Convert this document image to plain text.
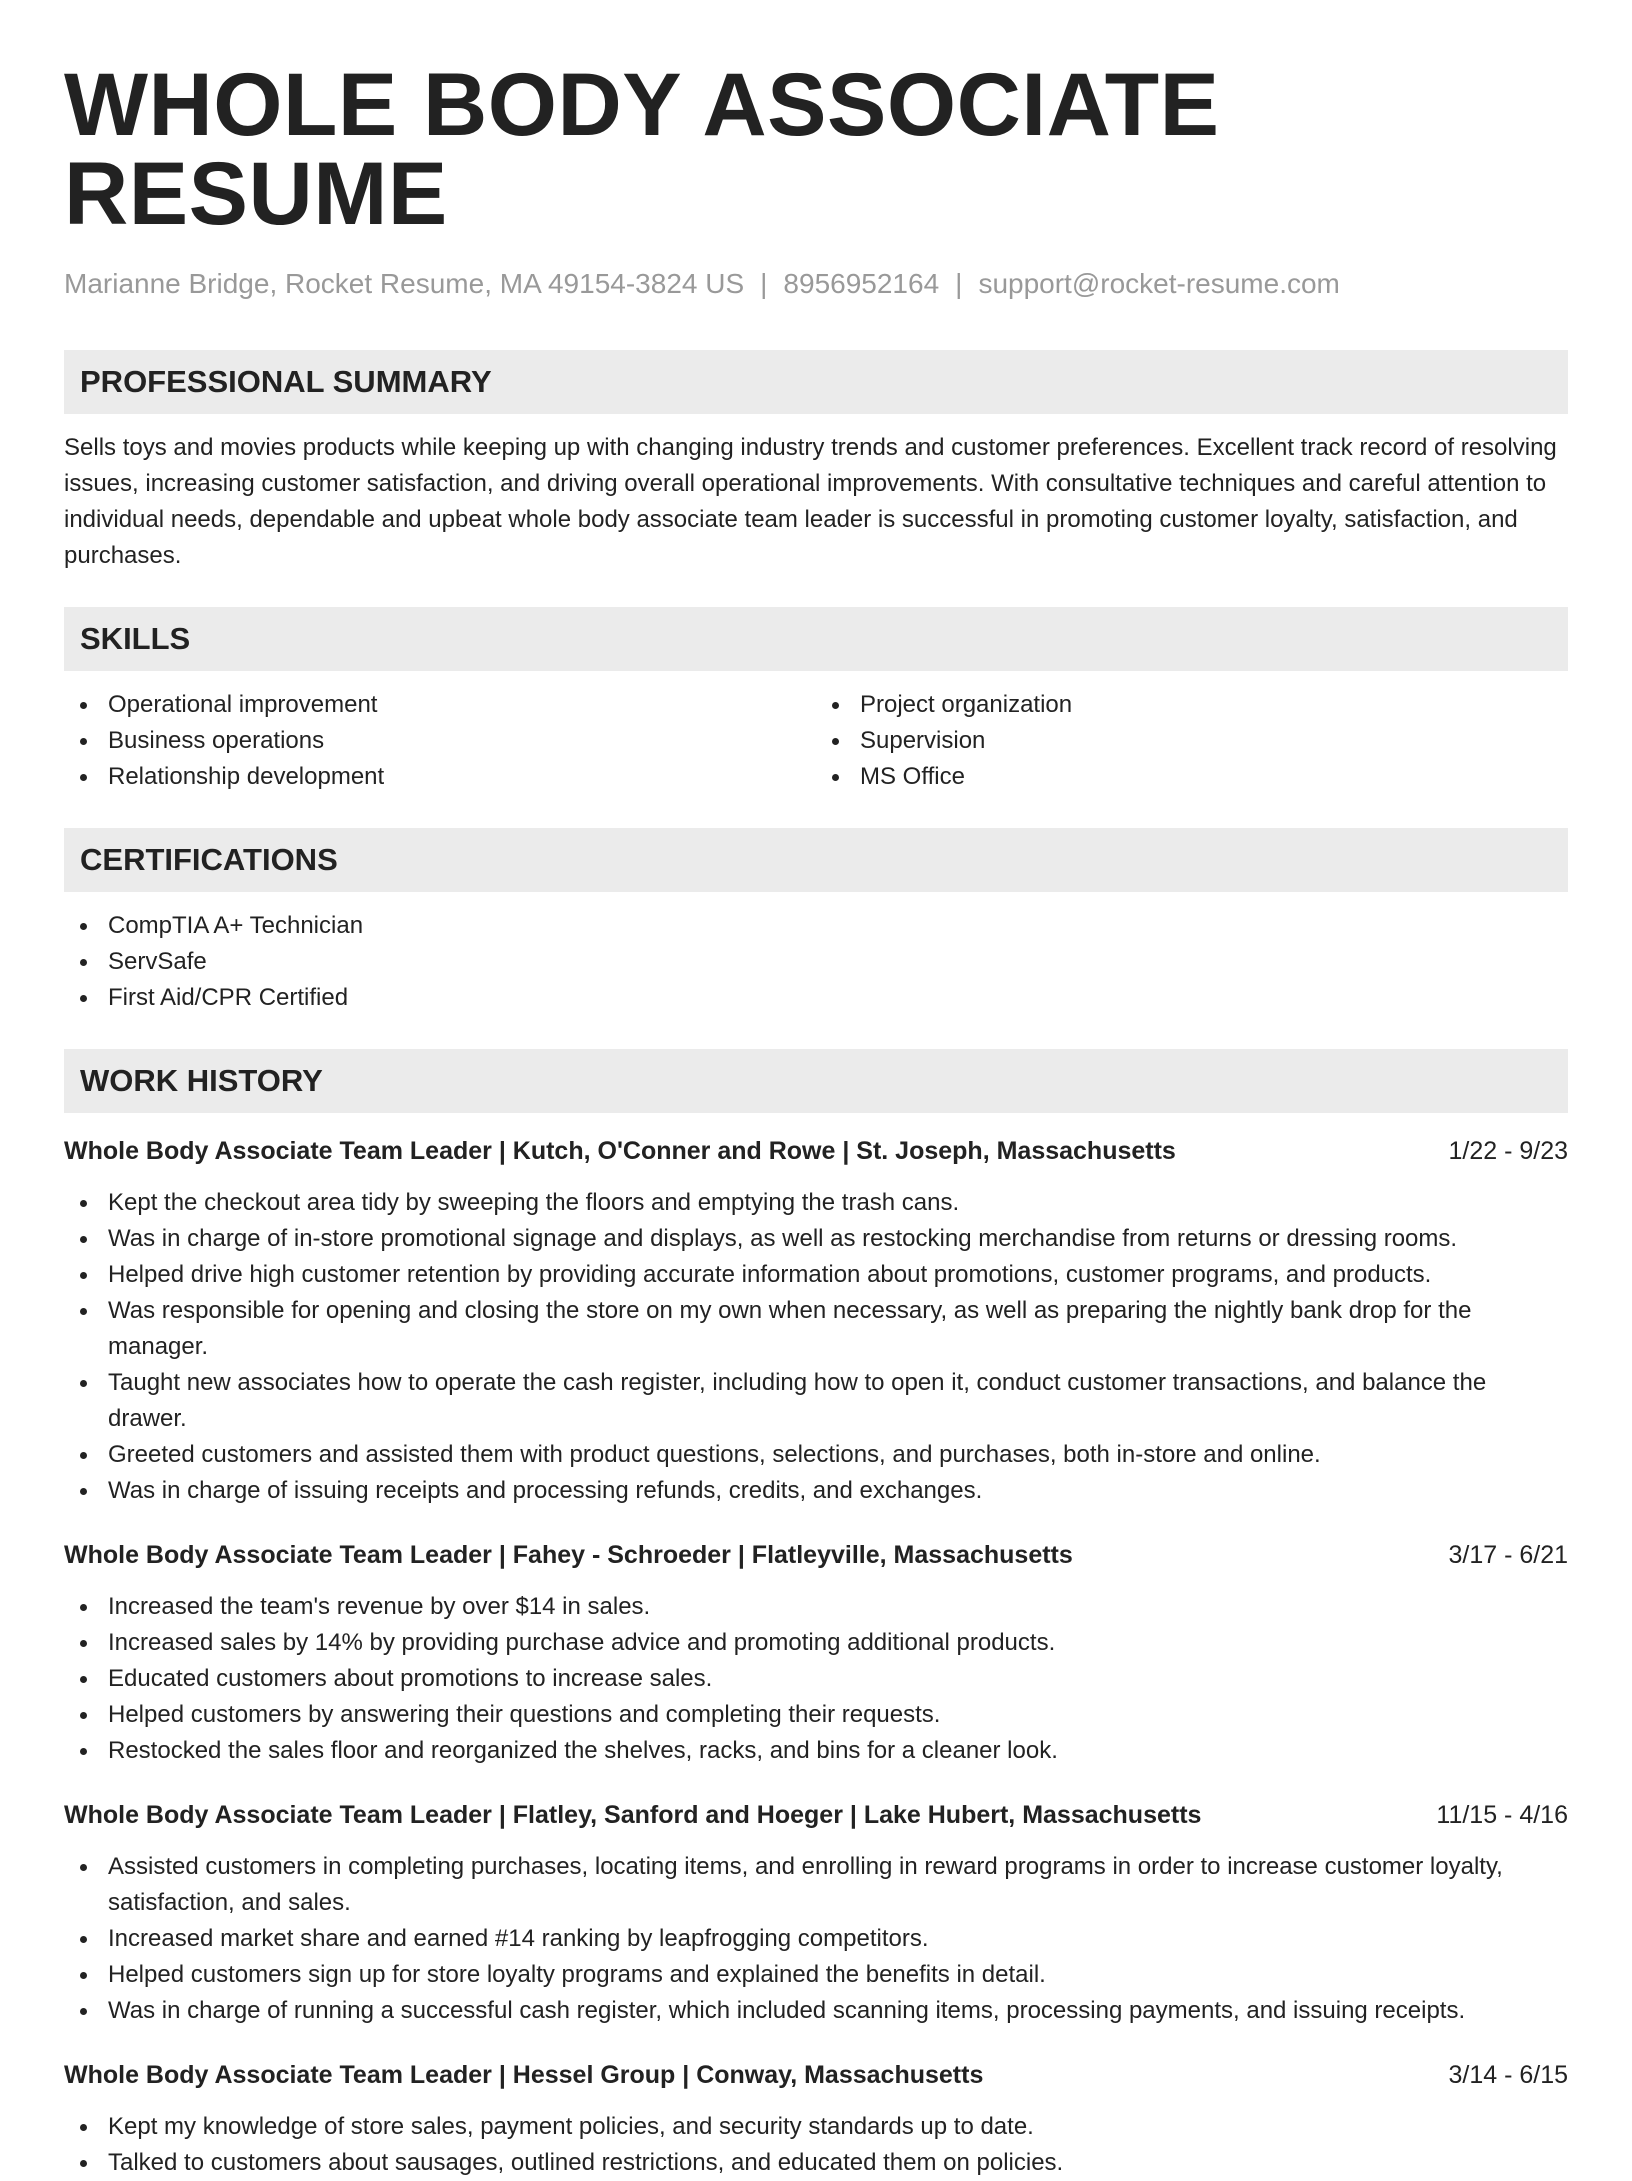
WHOLE BODY ASSOCIATE RESUME
Marianne Bridge, Rocket Resume, MA 49154-3824 US | 8956952164 | support@rocket-resume.com
PROFESSIONAL SUMMARY

Sells toys and movies products while keeping up with changing industry trends and customer preferences. Excellent track record of resolving issues, increasing customer satisfaction, and driving overall operational improvements. With consultative techniques and careful attention to individual needs, dependable and upbeat whole body associate team leader is successful in promoting customer loyalty, satisfaction, and purchases.

SKILLS
Operational improvement
Business operations
Relationship development
Project organization
Supervision
MS Office
CERTIFICATIONS
CompTIA A+ Technician
ServSafe
First Aid/CPR Certified
WORK HISTORY
Whole Body Associate Team Leader | Kutch, O'Conner and Rowe | St. Joseph, Massachusetts	1/22 - 9/23
Kept the checkout area tidy by sweeping the floors and emptying the trash cans.
Was in charge of in-store promotional signage and displays, as well as restocking merchandise from returns or dressing rooms.
Helped drive high customer retention by providing accurate information about promotions, customer programs, and products.
Was responsible for opening and closing the store on my own when necessary, as well as preparing the nightly bank drop for the manager.
Taught new associates how to operate the cash register, including how to open it, conduct customer transactions, and balance the drawer.
Greeted customers and assisted them with product questions, selections, and purchases, both in-store and online.
Was in charge of issuing receipts and processing refunds, credits, and exchanges.
Whole Body Associate Team Leader | Fahey - Schroeder | Flatleyville, Massachusetts	3/17 - 6/21
Increased the team's revenue by over $14 in sales.
Increased sales by 14% by providing purchase advice and promoting additional products.
Educated customers about promotions to increase sales.
Helped customers by answering their questions and completing their requests.
Restocked the sales floor and reorganized the shelves, racks, and bins for a cleaner look.
Whole Body Associate Team Leader | Flatley, Sanford and Hoeger | Lake Hubert, Massachusetts	11/15 - 4/16
Assisted customers in completing purchases, locating items, and enrolling in reward programs in order to increase customer loyalty, satisfaction, and sales.
Increased market share and earned #14 ranking by leapfrogging competitors.
Helped customers sign up for store loyalty programs and explained the benefits in detail.
Was in charge of running a successful cash register, which included scanning items, processing payments, and issuing receipts.
Whole Body Associate Team Leader | Hessel Group | Conway, Massachusetts	3/14 - 6/15
Kept my knowledge of store sales, payment policies, and security standards up to date.
Talked to customers about sausages, outlined restrictions, and educated them on policies.
